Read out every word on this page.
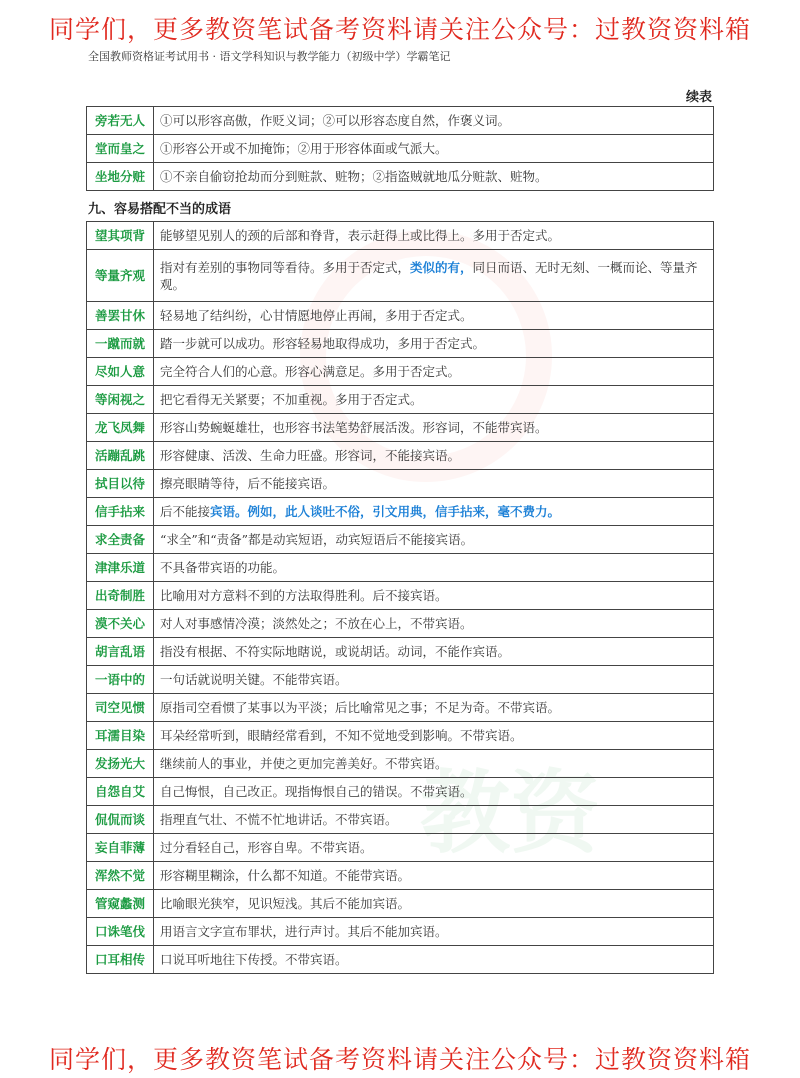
教资
同学们，更多教资笔试备考资料请关注公众号：过教资资料箱
全国教师资格证考试用书 · 语文学科知识与教学能力（初级中学）学霸笔记
续表
旁若无人	①可以形容高傲，作贬义词；②可以形容态度自然，作褒义词。
堂而皇之	①形容公开或不加掩饰；②用于形容体面或气派大。
坐地分赃	①不亲自偷窃抢劫而分到赃款、赃物；②指盗贼就地瓜分赃款、赃物。
九、容易搭配不当的成语
望其项背	能够望见别人的颈的后部和脊背，表示赶得上或比得上。多用于否定式。
等量齐观	指对有差别的事物同等看待。多用于否定式，类似的有，同日而语、无时无刻、一概而论、等量齐观。
善罢甘休	轻易地了结纠纷，心甘情愿地停止再闹，多用于否定式。
一蹴而就	踏一步就可以成功。形容轻易地取得成功，多用于否定式。
尽如人意	完全符合人们的心意。形容心满意足。多用于否定式。
等闲视之	把它看得无关紧要；不加重视。多用于否定式。
龙飞凤舞	形容山势蜿蜒雄壮，也形容书法笔势舒展活泼。形容词，不能带宾语。
活蹦乱跳	形容健康、活泼、生命力旺盛。形容词，不能接宾语。
拭目以待	擦亮眼睛等待，后不能接宾语。
信手拈来	后不能接宾语。例如，此人谈吐不俗，引文用典，信手拈来，毫不费力。
求全责备	“求全”和“责备”都是动宾短语，动宾短语后不能接宾语。
津津乐道	不具备带宾语的功能。
出奇制胜	比喻用对方意料不到的方法取得胜利。后不接宾语。
漠不关心	对人对事感情冷漠；淡然处之；不放在心上，不带宾语。
胡言乱语	指没有根据、不符实际地瞎说，或说胡话。动词，不能作宾语。
一语中的	一句话就说明关键。不能带宾语。
司空见惯	原指司空看惯了某事以为平淡；后比喻常见之事；不足为奇。不带宾语。
耳濡目染	耳朵经常听到，眼睛经常看到，不知不觉地受到影响。不带宾语。
发扬光大	继续前人的事业，并使之更加完善美好。不带宾语。
自怨自艾	自己悔恨，自己改正。现指悔恨自己的错误。不带宾语。
侃侃而谈	指理直气壮、不慌不忙地讲话。不带宾语。
妄自菲薄	过分看轻自己，形容自卑。不带宾语。
浑然不觉	形容糊里糊涂，什么都不知道。不能带宾语。
管窥蠡测	比喻眼光狭窄，见识短浅。其后不能加宾语。
口诛笔伐	用语言文字宣布罪状，进行声讨。其后不能加宾语。
口耳相传	口说耳听地往下传授。不带宾语。
同学们，更多教资笔试备考资料请关注公众号：过教资资料箱
